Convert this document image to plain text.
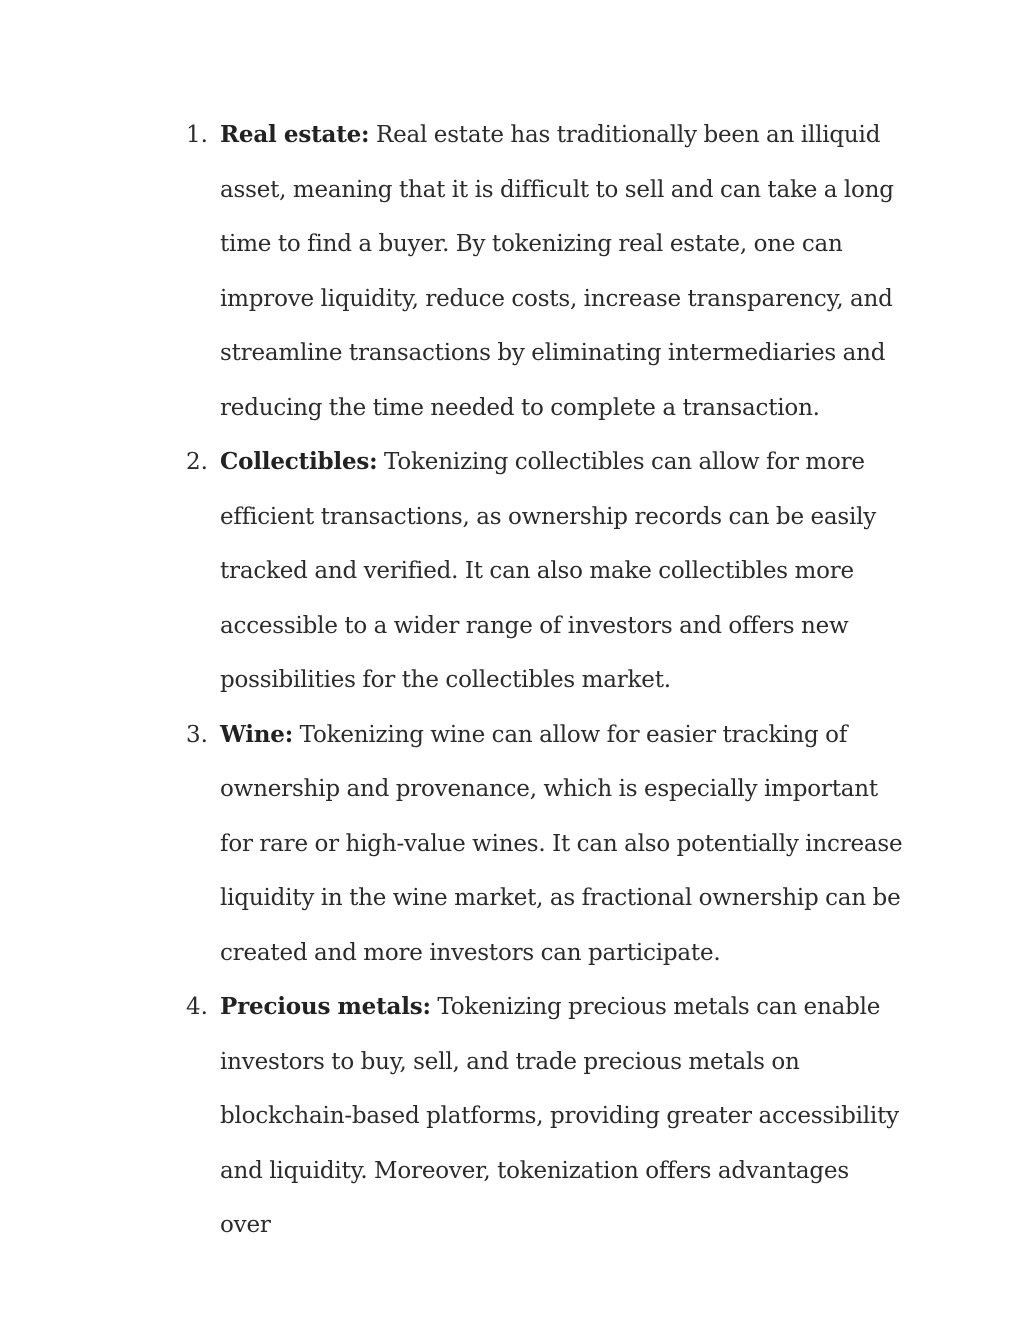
1. Real estate: Real estate has traditionally been an illiquid asset, meaning that it is difficult to sell and can take a long time to find a buyer. By tokenizing real estate, one can improve liquidity, reduce costs, increase transparency, and streamline transactions by eliminating intermediaries and reducing the time needed to complete a transaction.
2. Collectibles: Tokenizing collectibles can allow for more efficient transactions, as ownership records can be easily tracked and verified. It can also make collectibles more accessible to a wider range of investors and offers new possibilities for the collectibles market.
3. Wine: Tokenizing wine can allow for easier tracking of ownership and provenance, which is especially important for rare or high-value wines. It can also potentially increase liquidity in the wine market, as fractional ownership can be created and more investors can participate.
4. Precious metals: Tokenizing precious metals can enable investors to buy, sell, and trade precious metals on blockchain-based platforms, providing greater accessibility and liquidity. Moreover, tokenization offers advantages over
